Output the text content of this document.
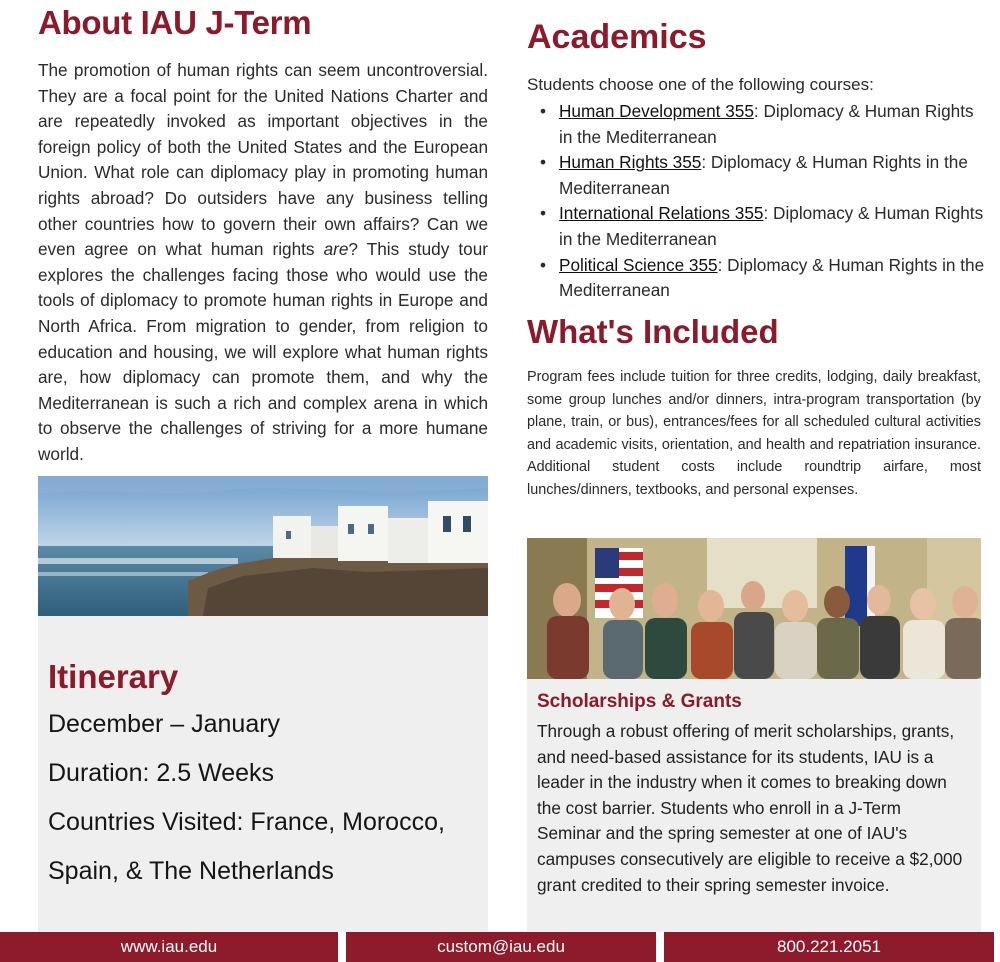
About IAU J-Term

The promotion of human rights can seem uncontroversial. They are a focal point for the United Nations Charter and are repeatedly invoked as important objectives in the foreign policy of both the United States and the European Union. What role can diplomacy play in promoting human rights abroad? Do outsiders have any business telling other countries how to govern their own affairs? Can we even agree on what human rights are? This study tour explores the challenges facing those who would use the tools of diplomacy to promote human rights in Europe and North Africa. From migration to gender, from religion to education and housing, we will explore what human rights are, how diplomacy can promote them, and why the Mediterranean is such a rich and complex arena in which to observe the challenges of striving for a more humane world.

Itinerary
December – January
Duration: 2.5 Weeks
Countries Visited: France, Morocco,
Spain, & The Netherlands
Academics

Students choose one of the following courses:

• Human Development 355: Diplomacy & Human Rights in the Mediterranean
• Human Rights 355: Diplomacy & Human Rights in the Mediterranean
• International Relations 355: Diplomacy & Human Rights in the Mediterranean
• Political Science 355: Diplomacy & Human Rights in the Mediterranean
What's Included

Program fees include tuition for three credits, lodging, daily breakfast, some group lunches and/or dinners, intra-program transportation (by plane, train, or bus), entrances/fees for all scheduled cultural activities and academic visits, orientation, and health and repatriation insurance. Additional student costs include roundtrip airfare, most lunches/dinners, textbooks, and personal expenses.

Scholarships & Grants

Through a robust offering of merit scholarships, grants, and need-based assistance for its students, IAU is a leader in the industry when it comes to breaking down the cost barrier. Students who enroll in a J-Term Seminar and the spring semester at one of IAU's campuses consecutively are eligible to receive a $2,000 grant credited to their spring semester invoice.

www.iau.edu	custom@iau.edu	800.221.2051
